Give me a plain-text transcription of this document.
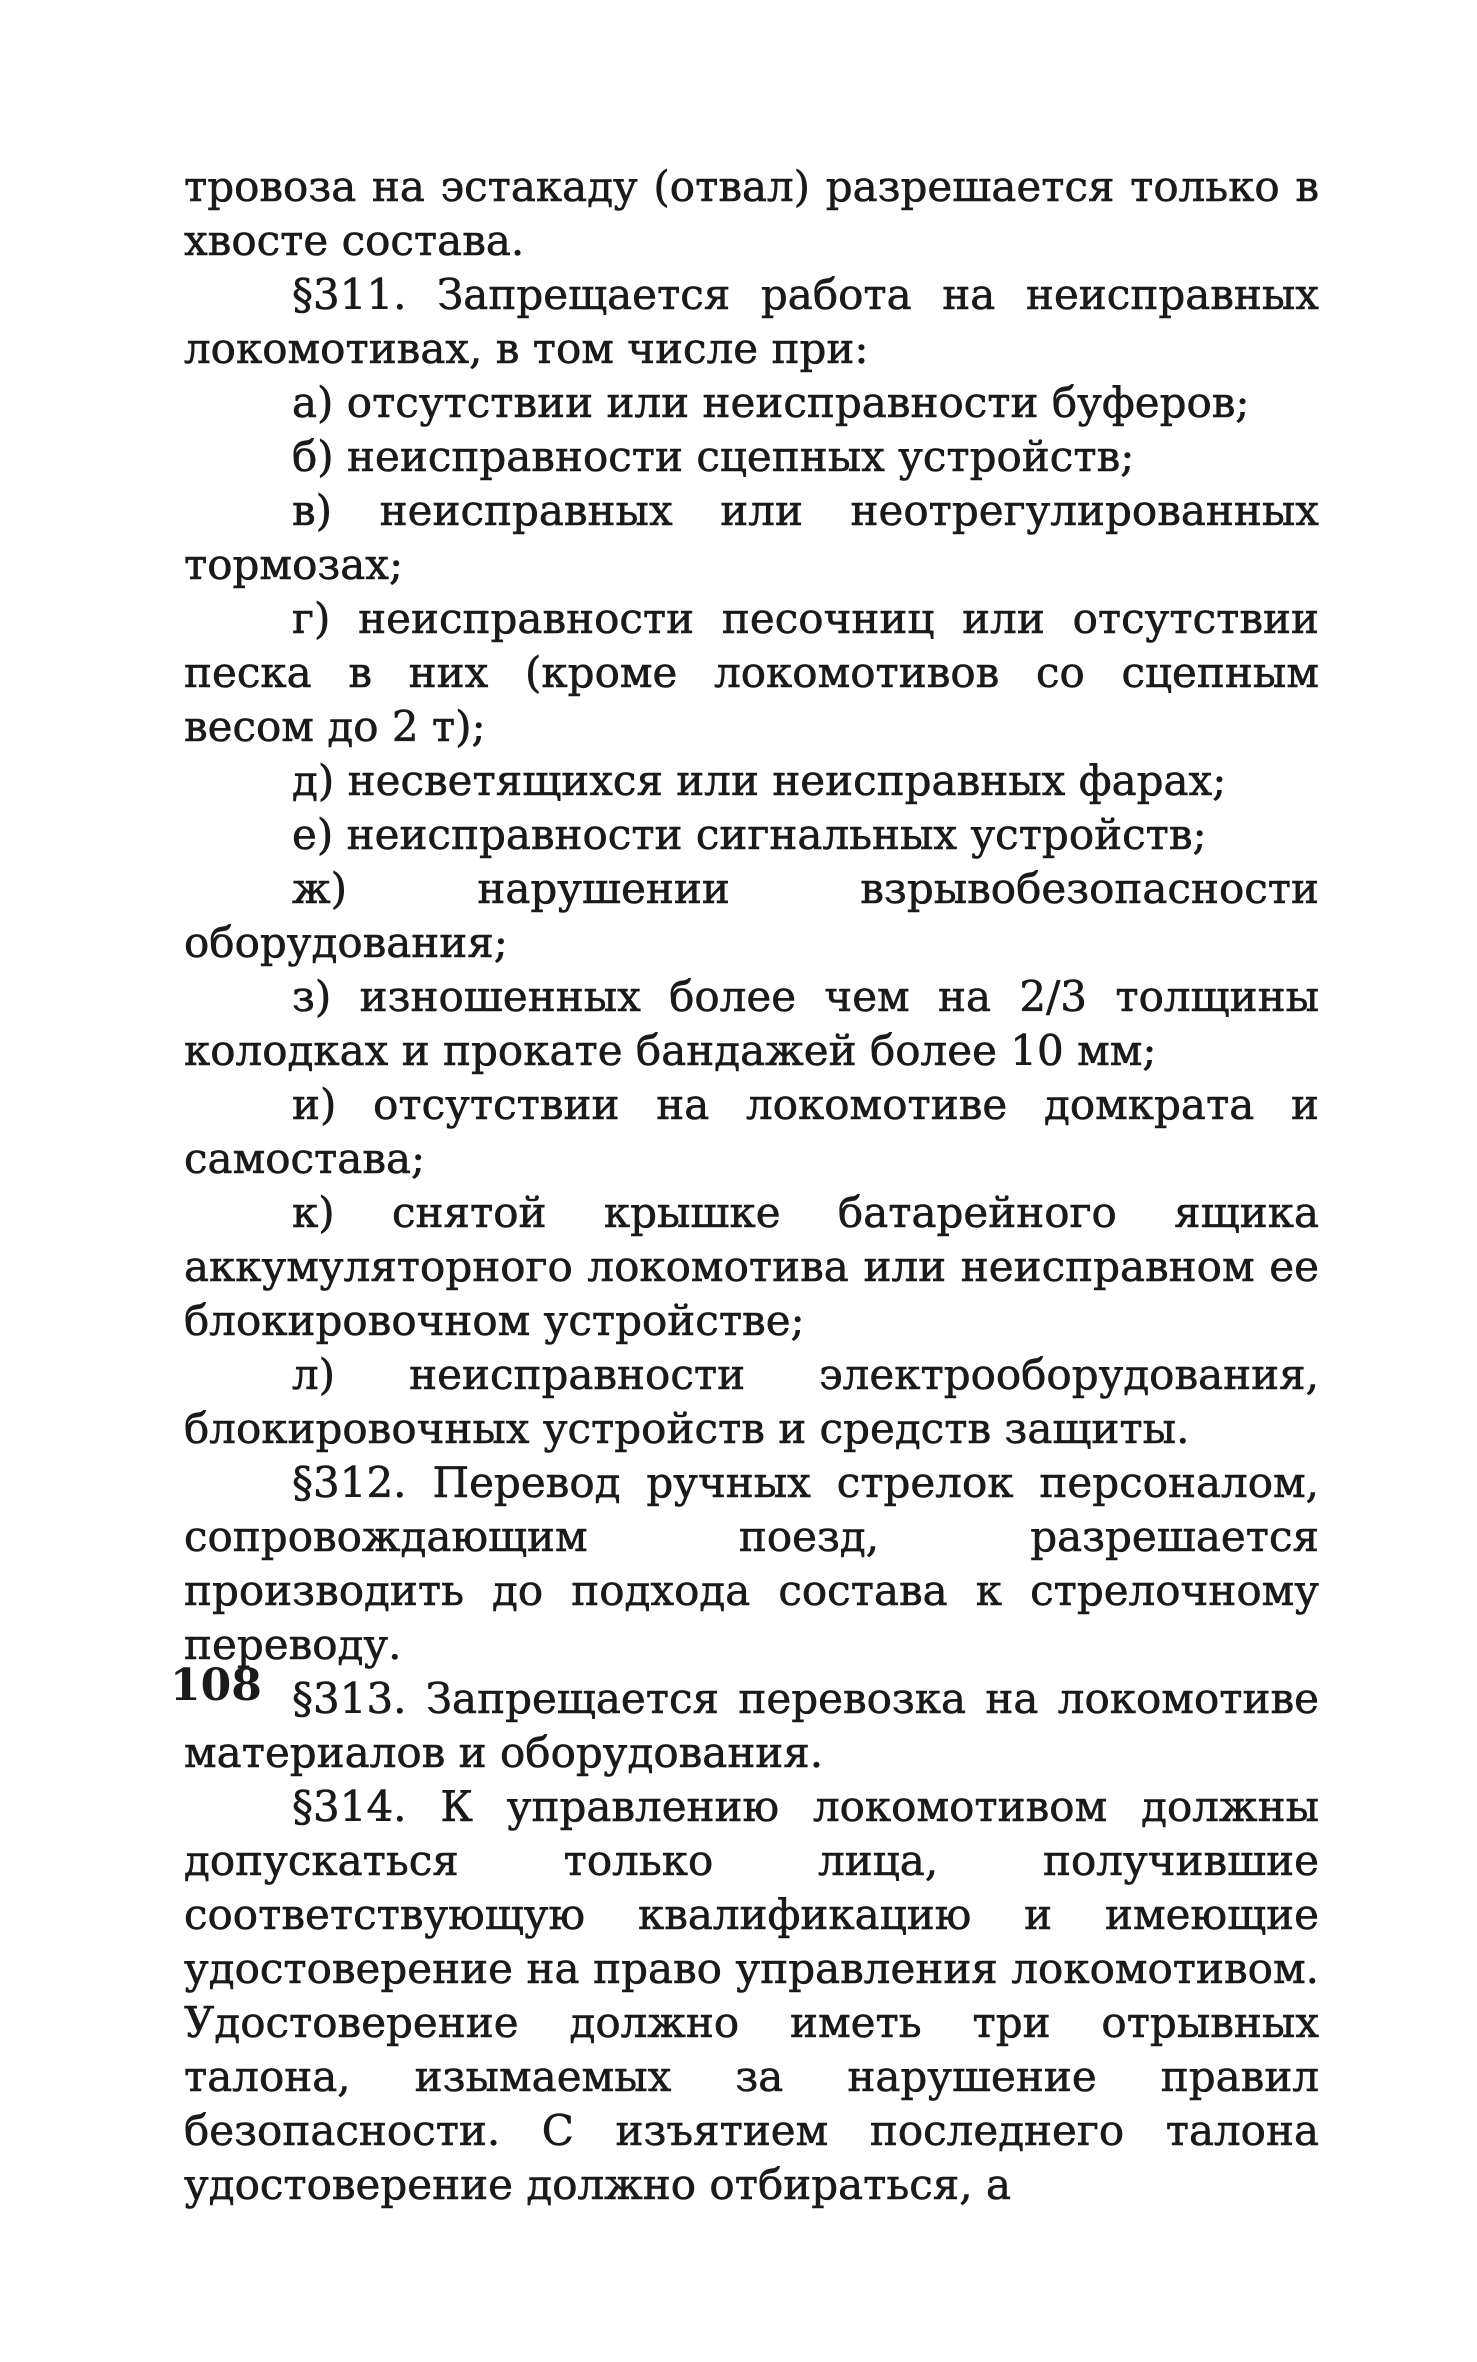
тровоза на эстакаду (отвал) разрешается только в хвосте состава.

§311. Запрещается работа на неисправных локомотивах, в том числе при:

а) отсутствии или неисправности буферов;

б) неисправности сцепных устройств;

в) неисправных или неотрегулированных тормозах;

г) неисправности песочниц или отсутствии песка в них (кроме локомотивов со сцепным весом до 2 т);

д) несветящихся или неисправных фарах;

е) неисправности сигнальных устройств;

ж) нарушении взрывобезопасности оборудования;

з) изношенных более чем на 2/3 толщины колодках и прокате бандажей более 10 мм;

и) отсутствии на локомотиве домкрата и самостава;

к) снятой крышке батарейного ящика аккумуляторного локомотива или неисправном ее блокировочном устройстве;

л) неисправности электрооборудования, блокировочных устройств и средств защиты.

§312. Перевод ручных стрелок персоналом, сопровождающим поезд, разрешается производить до подхода состава к стрелочному переводу.

§313. Запрещается перевозка на локомотиве материалов и оборудования.

§314. К управлению локомотивом должны допускаться только лица, получившие соответствующую квалификацию и имеющие удостоверение на право управления локомотивом. Удостоверение должно иметь три отрывных талона, изымаемых за нарушение правил безопасности. С изъятием последнего талона удостоверение должно отбираться, а

108
